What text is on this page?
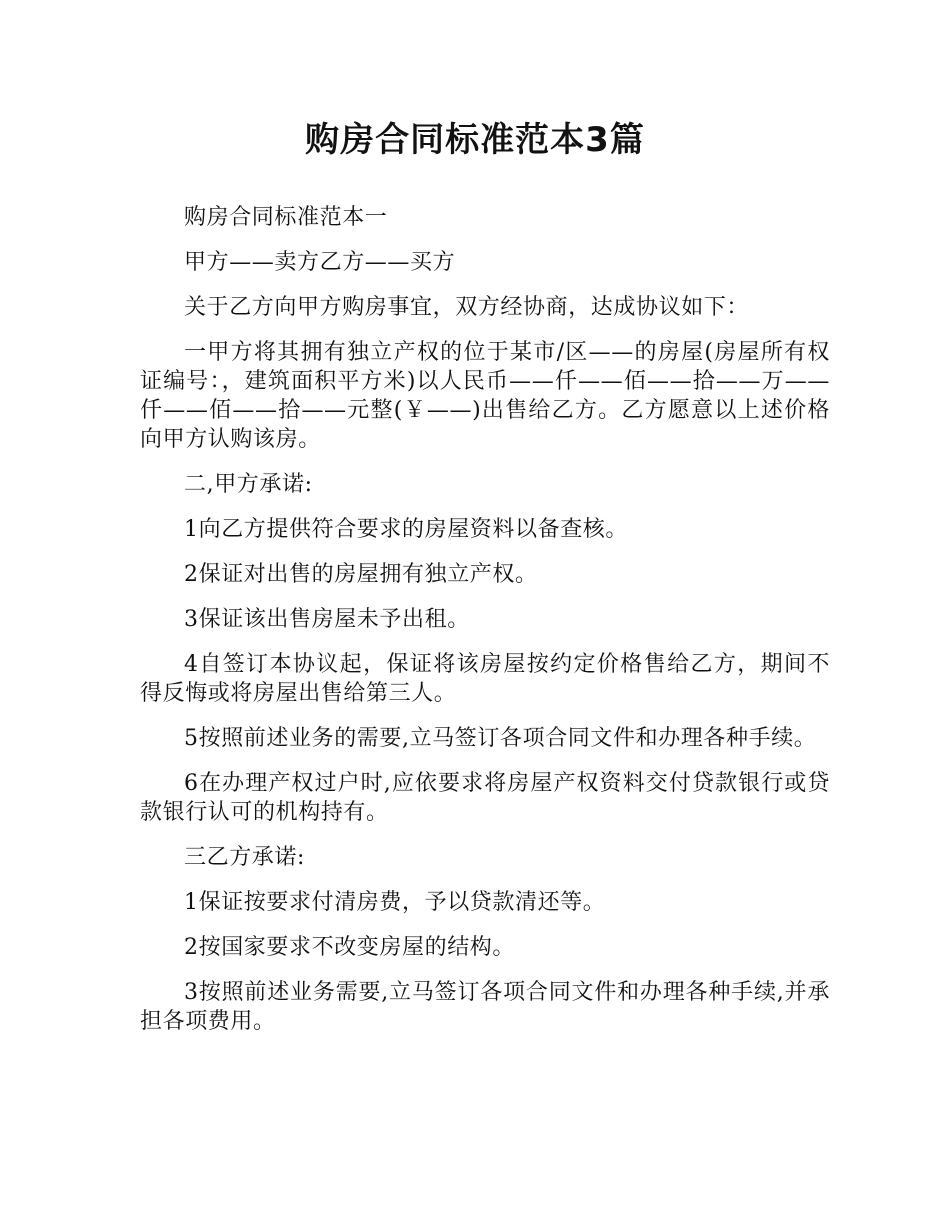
购房合同标准范本3篇

购房合同标准范本一

甲方——卖方乙方——买方

关于乙方向甲方购房事宜，双方经协商，达成协议如下：

一甲方将其拥有独立产权的位于某市/区——的房屋(房屋所有权证编号：，建筑面积平方米)以人民币——仟——佰——拾——万——仟——佰——拾——元整(￥——)出售给乙方。乙方愿意以上述价格向甲方认购该房。

二,甲方承诺:

1向乙方提供符合要求的房屋资料以备查核。

2保证对出售的房屋拥有独立产权。

3保证该出售房屋未予出租。

4自签订本协议起，保证将该房屋按约定价格售给乙方，期间不得反悔或将房屋出售给第三人。

5按照前述业务的需要,立马签订各项合同文件和办理各种手续。

6在办理产权过户时,应依要求将房屋产权资料交付贷款银行或贷款银行认可的机构持有。

三乙方承诺:

1保证按要求付清房费，予以贷款清还等。

2按国家要求不改变房屋的结构。

3按照前述业务需要,立马签订各项合同文件和办理各种手续,并承担各项费用。
